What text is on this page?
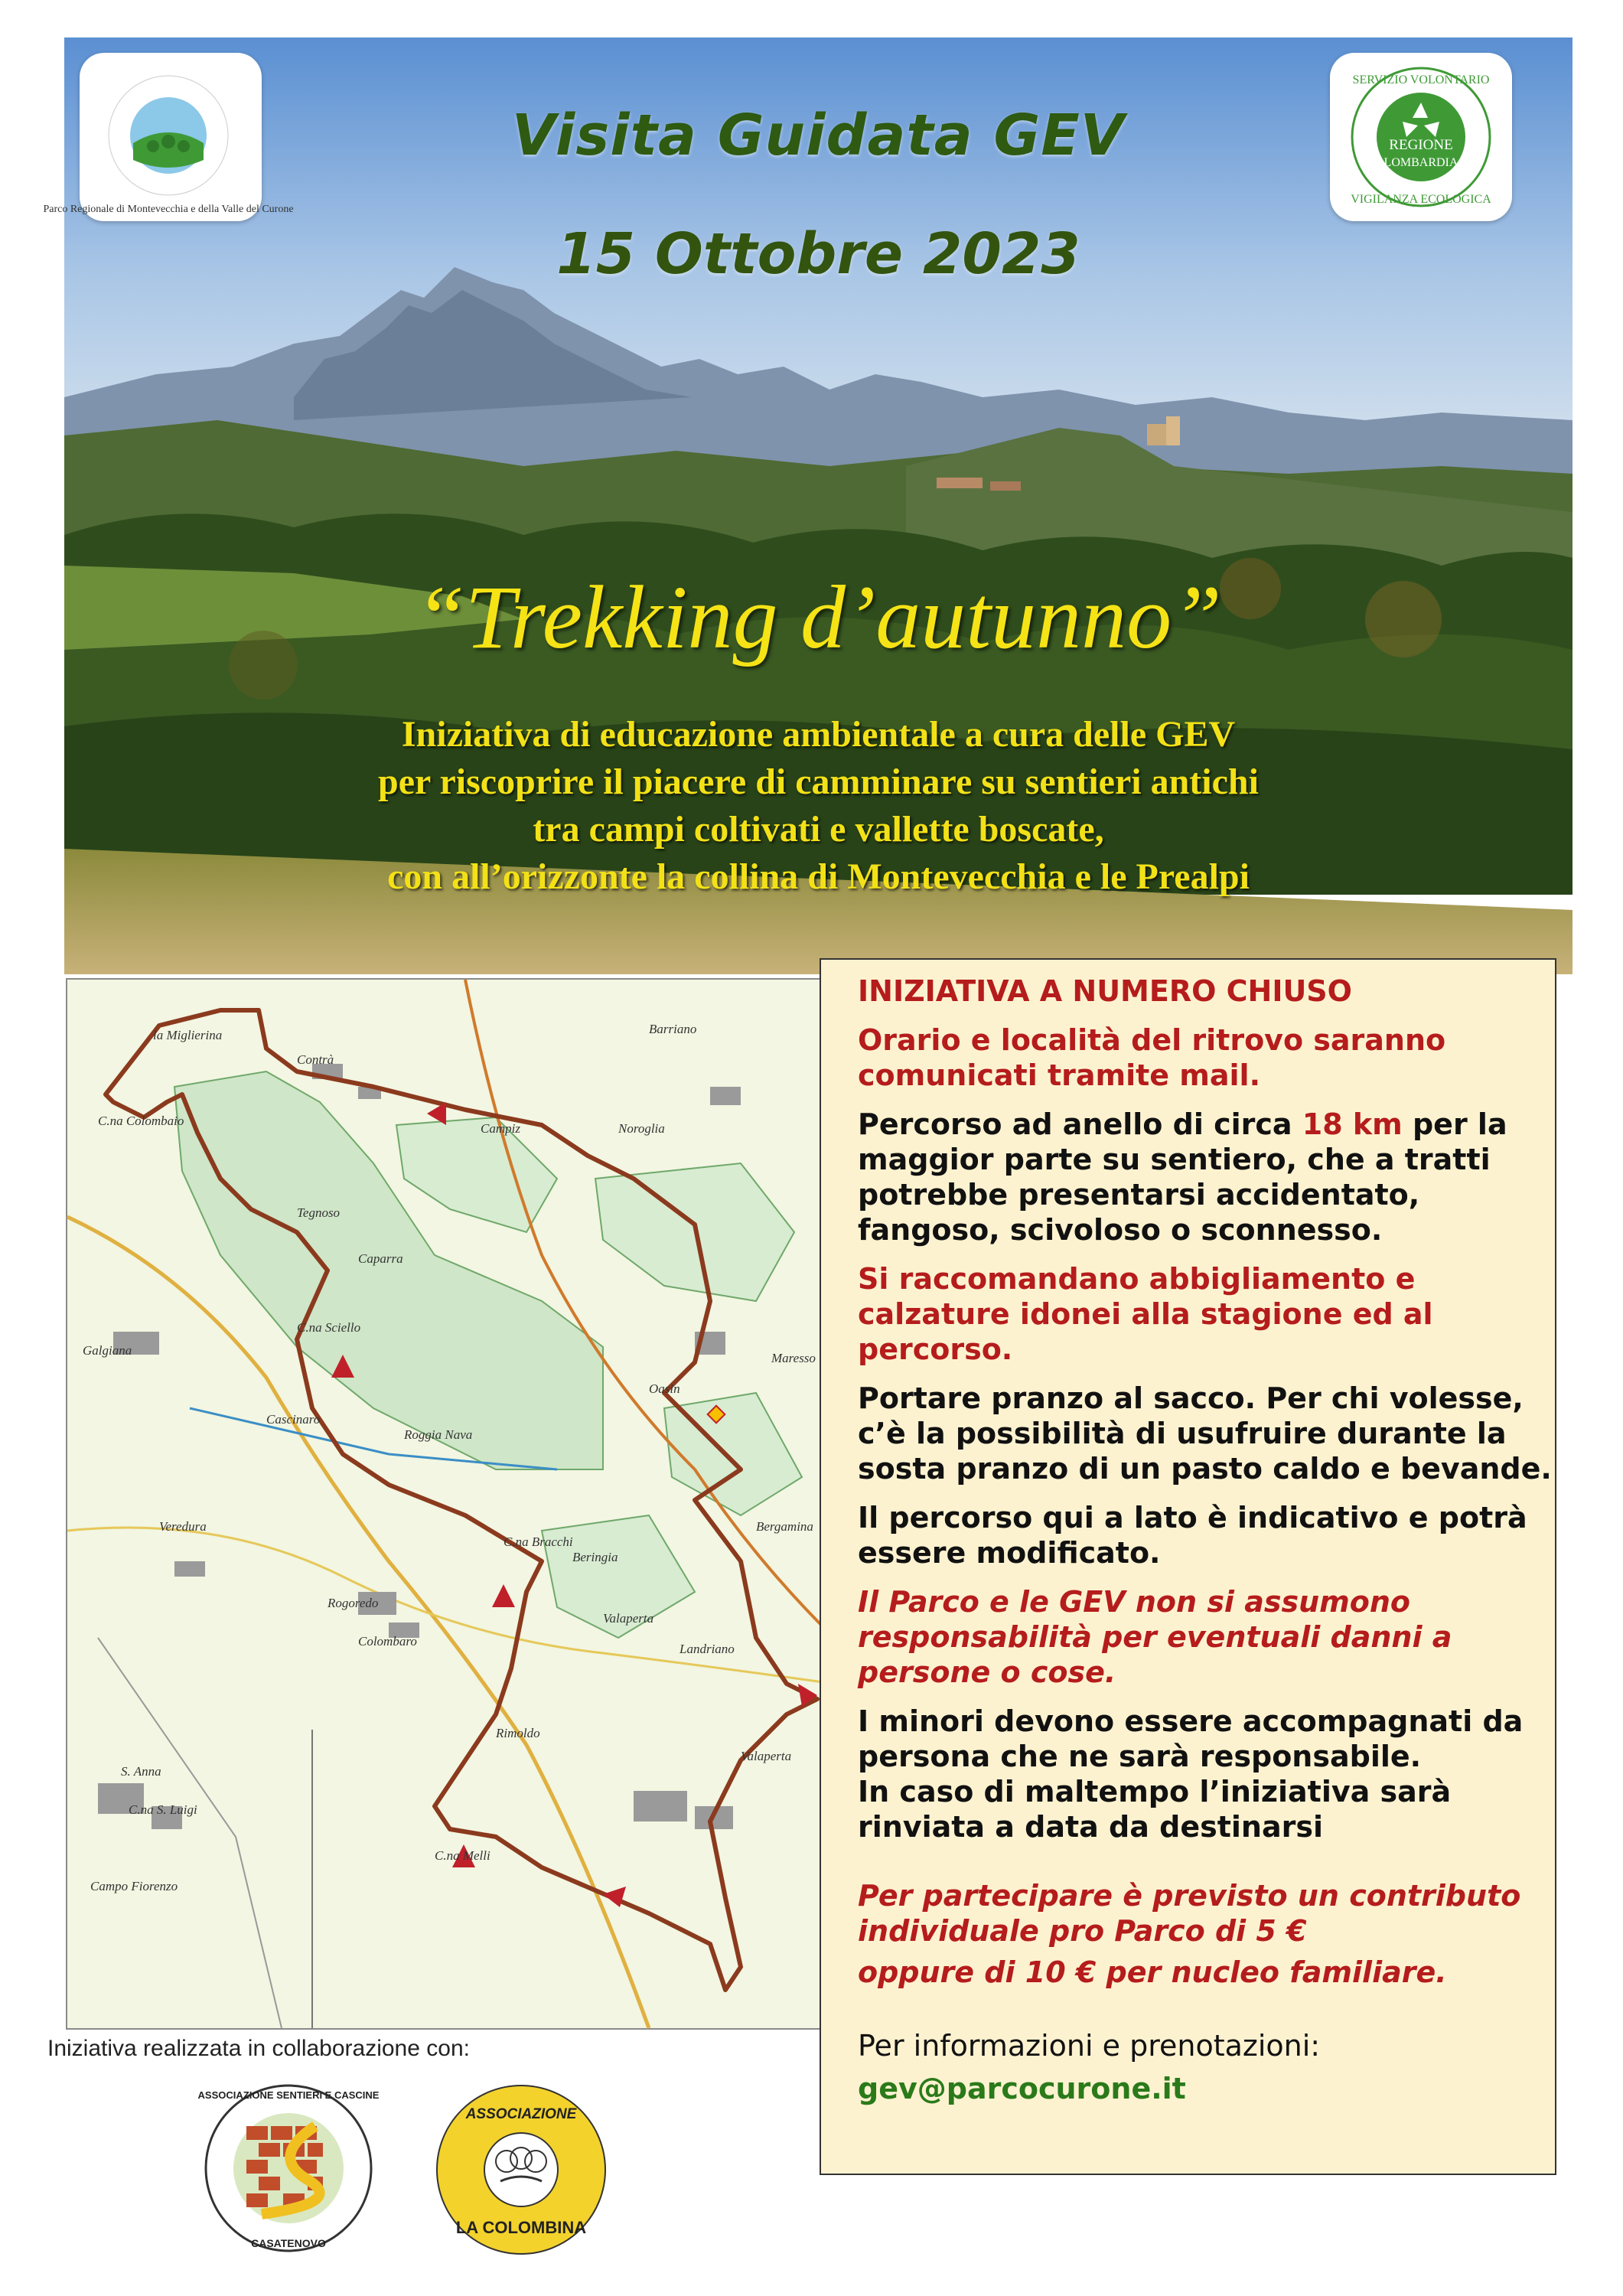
Parco Regionale di Montevecchia e della Valle del Curone
SERVIZIO VOLONTARIO
VIGILANZA ECOLOGICA
REGIONE
LOMBARDIA
Visita Guidata GEV
15 Ottobre 2023
“Trekking d’autunno”
Iniziativa di educazione ambientale a cura delle GEV
per riscoprire il piacere di camminare su sentieri antichi
tra campi coltivati e vallette boscate,
con all’orizzonte la collina di Montevecchia e le Prealpi
la Miglierina
Contrà
C.na Colombaio
Barriano
Campiz	Noroglia
Galgiana
Tegnoso
Caparra
C.na Sciello
Oasin
Maresso
Cascinaro
Veredura
Rogoredo
Colombaro
C.na Bracchi
Beringia
Valaperta
Landriano
Rimoldo
C.na Melli
C.na S. Luigi
S. Anna
Campo Fiorenzo
Roggia Nava
Bergamina
Valaperta

INIZIATIVA A NUMERO CHIUSO

Orario e località del ritrovo saranno comunicati tramite mail.

Percorso ad anello di circa 18 km per la maggior parte su sentiero, che a tratti potrebbe presentarsi accidentato, fangoso, scivoloso o sconnesso.

Si raccomandano abbigliamento e calzature idonei alla stagione ed al percorso.

Portare pranzo al sacco. Per chi volesse, c’è la possibilità di usufruire durante la sosta pranzo di un pasto caldo e bevande.

Il percorso qui a lato è indicativo e potrà essere modificato.

Il Parco e le GEV non si assumono responsabilità per eventuali danni a persone o cose.

I minori devono essere accompagnati da persona che ne sarà responsabile.

In caso di maltempo l’iniziativa sarà rinviata a data da destinarsi

Per partecipare è previsto un contributo individuale pro Parco di 5 €

oppure di 10 € per nucleo familiare.

Per informazioni e prenotazioni:

gev@parcocurone.it

Iniziativa realizzata in collaborazione con:
ASSOCIAZIONE SENTIERI E CASCINE
CASATENOVO
ASSOCIAZIONE
LA COLOMBINA
